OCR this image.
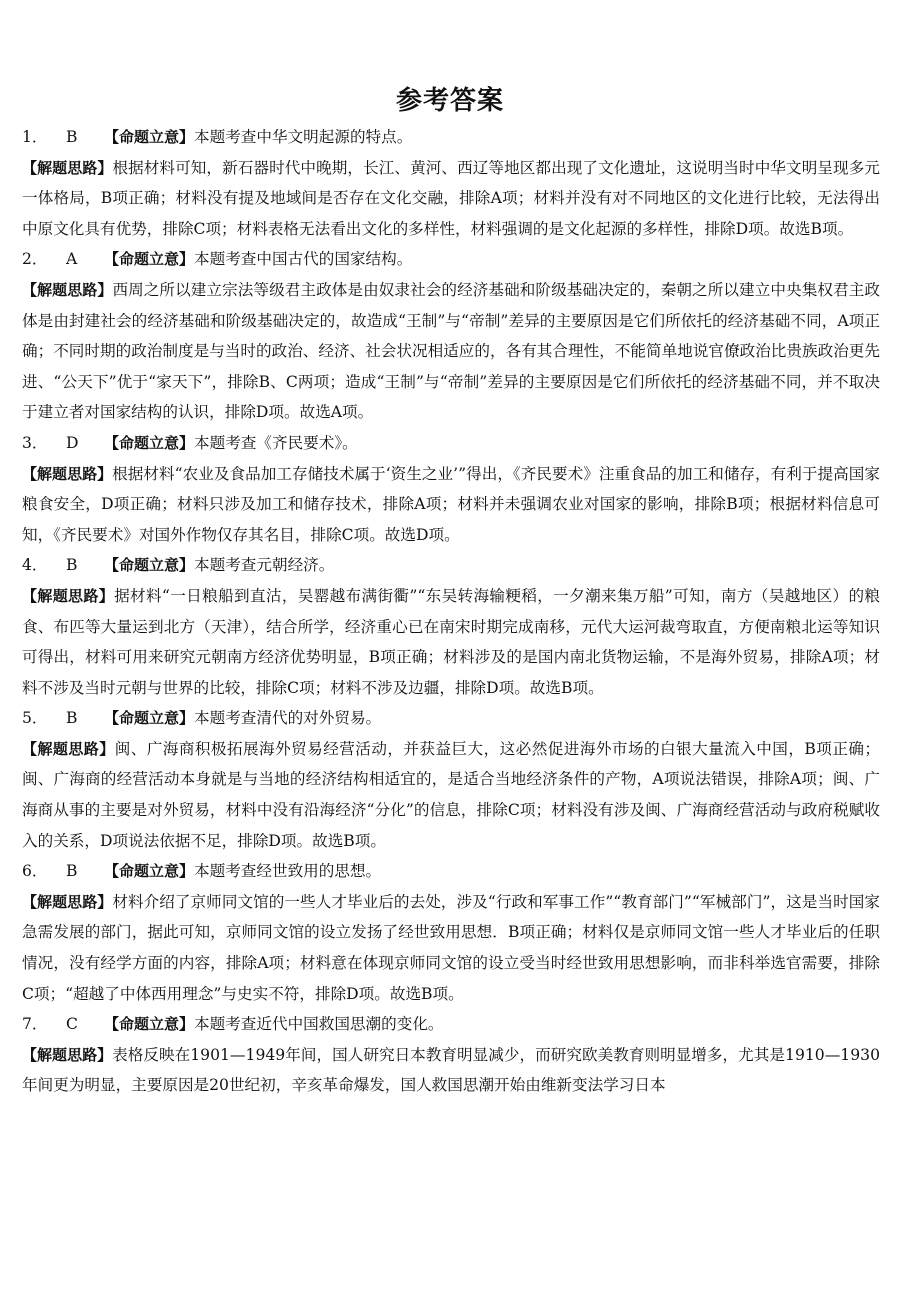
参考答案

1． B 【命题立意】本题考查中华文明起源的特点。

【解题思路】根据材料可知，新石器时代中晚期，长江、黄河、西辽等地区都出现了文化遗址，这说明当时中华文明呈现多元一体格局，B项正确；材料没有提及地域间是否存在文化交融，排除A项；材料并没有对不同地区的文化进行比较，无法得出中原文化具有优势，排除C项；材料表格无法看出文化的多样性，材料强调的是文化起源的多样性，排除D项。故选B项。

2． A 【命题立意】本题考查中国古代的国家结构。

【解题思路】西周之所以建立宗法等级君主政体是由奴隶社会的经济基础和阶级基础决定的，秦朝之所以建立中央集权君主政体是由封建社会的经济基础和阶级基础决定的，故造成“王制”与“帝制”差异的主要原因是它们所依托的经济基础不同，A项正确；不同时期的政治制度是与当时的政治、经济、社会状况相适应的，各有其合理性，不能简单地说官僚政治比贵族政治更先进、“公天下”优于“家天下”，排除B、C两项；造成“王制”与“帝制”差异的主要原因是它们所依托的经济基础不同，并不取决于建立者对国家结构的认识，排除D项。故选A项。

3． D 【命题立意】本题考查《齐民要术》。

【解题思路】根据材料“农业及食品加工存储技术属于‘资生之业’”得出，《齐民要术》注重食品的加工和储存，有利于提高国家粮食安全，D项正确；材料只涉及加工和储存技术，排除A项；材料并未强调农业对国家的影响，排除B项；根据材料信息可知，《齐民要术》对国外作物仅存其名目，排除C项。故选D项。

4． B 【命题立意】本题考查元朝经济。

【解题思路】据材料“一日粮船到直沽，吴罂越布满街衢”“东吴转海输粳稻，一夕潮来集万船”可知，南方（吴越地区）的粮食、布匹等大量运到北方（天津），结合所学，经济重心已在南宋时期完成南移，元代大运河裁弯取直，方便南粮北运等知识可得出，材料可用来研究元朝南方经济优势明显，B项正确；材料涉及的是国内南北货物运输，不是海外贸易，排除A项；材料不涉及当时元朝与世界的比较，排除C项；材料不涉及边疆，排除D项。故选B项。

5． B 【命题立意】本题考查清代的对外贸易。

【解题思路】闽、广海商积极拓展海外贸易经营活动，并获益巨大，这必然促进海外市场的白银大量流入中国，B项正确；闽、广海商的经营活动本身就是与当地的经济结构相适宜的，是适合当地经济条件的产物，A项说法错误，排除A项；闽、广海商从事的主要是对外贸易，材料中没有沿海经济“分化”的信息，排除C项；材料没有涉及闽、广海商经营活动与政府税赋收入的关系，D项说法依据不足，排除D项。故选B项。

6． B 【命题立意】本题考查经世致用的思想。

【解题思路】材料介绍了京师同文馆的一些人才毕业后的去处，涉及“行政和军事工作”“教育部门”“军械部门”，这是当时国家急需发展的部门，据此可知，京师同文馆的设立发扬了经世致用思想．B项正确；材料仅是京师同文馆一些人才毕业后的任职情况，没有经学方面的内容，排除A项；材料意在体现京师同文馆的设立受当时经世致用思想影响，而非科举选官需要，排除C项；“超越了中体西用理念”与史实不符，排除D项。故选B项。

7． C 【命题立意】本题考查近代中国救国思潮的变化。

【解题思路】表格反映在1901—1949年间，国人研究日本教育明显减少，而研究欧美教育则明显增多，尤其是1910—1930年间更为明显，主要原因是20世纪初，辛亥革命爆发，国人救国思潮开始由维新变法学习日本
